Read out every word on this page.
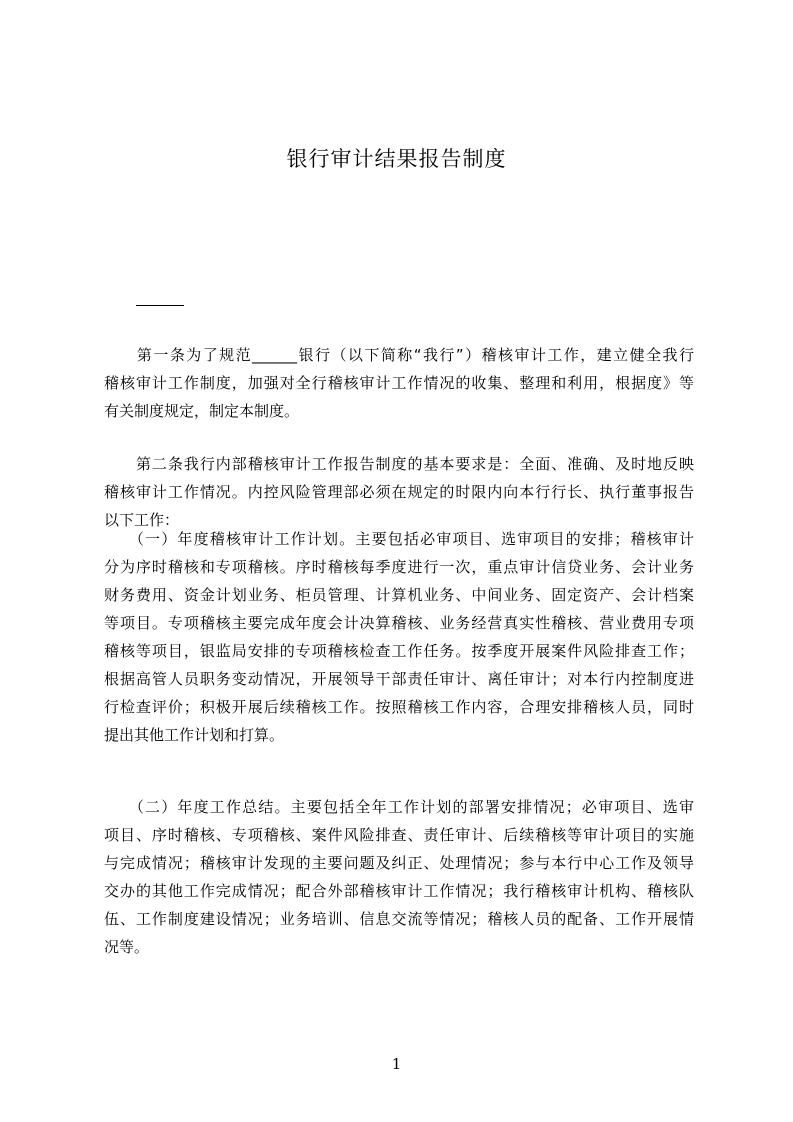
银行审计结果报告制度
　　第一条为了规范______银行（以下简称“我行”）稽核审计工作，建立健全我行
稽核审计工作制度，加强对全行稽核审计工作情况的收集、整理和利用，根据度》等
有关制度规定，制定本制度。
　　第二条我行内部稽核审计工作报告制度的基本要求是：全面、准确、及时地反映
稽核审计工作情况。内控风险管理部必须在规定的时限内向本行行长、执行董事报告
以下工作：
　　（一）年度稽核审计工作计划。主要包括必审项目、选审项目的安排；稽核审计
分为序时稽核和专项稽核。序时稽核每季度进行一次，重点审计信贷业务、会计业务
财务费用、资金计划业务、柜员管理、计算机业务、中间业务、固定资产、会计档案
等项目。专项稽核主要完成年度会计决算稽核、业务经营真实性稽核、营业费用专项
稽核等项目，银监局安排的专项稽核检查工作任务。按季度开展案件风险排查工作；
根据高管人员职务变动情况，开展领导干部责任审计、离任审计；对本行内控制度进
行检查评价；积极开展后续稽核工作。按照稽核工作内容，合理安排稽核人员，同时
提出其他工作计划和打算。
　　（二）年度工作总结。主要包括全年工作计划的部署安排情况；必审项目、选审
项目、序时稽核、专项稽核、案件风险排查、责任审计、后续稽核等审计项目的实施
与完成情况；稽核审计发现的主要问题及纠正、处理情况；参与本行中心工作及领导
交办的其他工作完成情况；配合外部稽核审计工作情况；我行稽核审计机构、稽核队
伍、工作制度建设情况；业务培训、信息交流等情况；稽核人员的配备、工作开展情
况等。
1
